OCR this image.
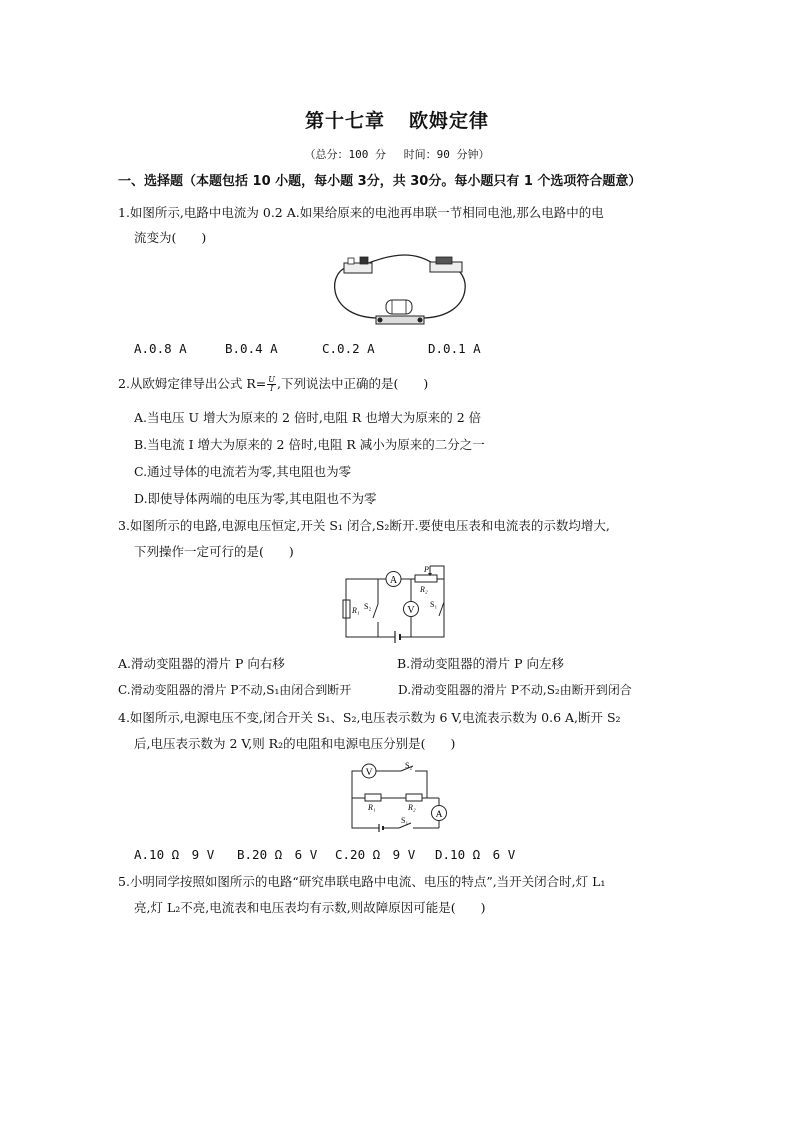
第十七章 欧姆定律
（总分：100 分　 时间：90 分钟）
一、选择题（本题包括 10 小题，每小题 3分，共 30分。每小题只有 1 个选项符合题意）
1.如图所示,电路中电流为 0.2 A.如果给原来的电池再串联一节相同电池,那么电路中的电
流变为(　　)
A.0.8 A	B.0.4 A	C.0.2 A	D.0.1 A
2.从欧姆定律导出公式 $R= \frac{U}{I}$ ,下列说法中正确的是(　　)
A.当电压 U 增大为原来的 2 倍时,电阻 R 也增大为原来的 2 倍
B.当电流 I 增大为原来的 2 倍时,电阻 R 减小为原来的二分之一
C.通过导体的电流若为零,其电阻也为零
D.即使导体两端的电压为零,其电阻也不为零
3.如图所示的电路,电源电压恒定,开关 S₁ 闭合,S₂断开.要使电压表和电流表的示数均增大,
下列操作一定可行的是(　　)
A
V
P
R₂
R₁ S₂	S₁
A.滑动变阻器的滑片 P 向右移	B.滑动变阻器的滑片 P 向左移
C.滑动变阻器的滑片 P不动,S₁由闭合到断开	D.滑动变阻器的滑片 P不动,S₂由断开到闭合
4.如图所示,电源电压不变,闭合开关 S₁、S₂,电压表示数为 6 V,电流表示数为 0.6 A,断开 S₂
后,电压表示数为 2 V,则 R₂的电阻和电源电压分别是(　　)
V
A
S₂
R₁	R₂
S₁
A.10 Ω　9 V B.20 Ω　6 V C.20 Ω　9 V D.10 Ω　6 V
5.小明同学按照如图所示的电路“研究串联电路中电流、电压的特点”,当开关闭合时,灯 L₁
亮,灯 L₂不亮,电流表和电压表均有示数,则故障原因可能是(　　)
